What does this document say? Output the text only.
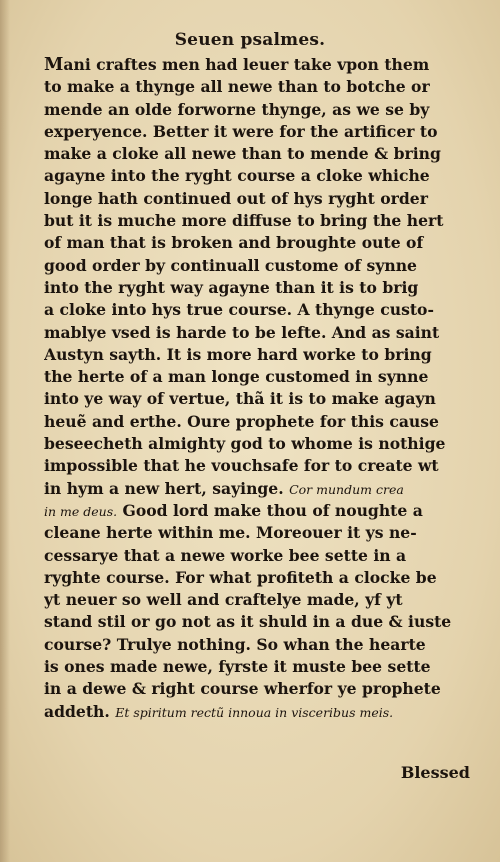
Seuen psalmes.
Mani craftes men had leuer take vpon them
to make a thynge all newe than to botche or
mende an olde forworne thynge, as we se by
experyence. Better it were for the artificer to
make a cloke all newe than to mende & bring
agayne into the ryght course a cloke whiche
longe hath continued out of hys ryght order
but it is muche more diffuse to bring the hert
of man that is broken and broughte oute of
good order by continuall custome of synne
into the ryght way agayne than it is to brig
a cloke into hys true course. A thynge custo-
mablye vsed is harde to be lefte. And as saint
Austyn sayth. It is more hard worke to bring
the herte of a man longe customed in synne
into ye way of vertue, thã it is to make agayn
heuẽ and erthe. Oure prophete for this cause
beseecheth almighty god to whome is nothige
impossible that he vouchsafe for to create wt
in hym a new hert, sayinge. Cor mundum crea
in me deus. Good lord make thou of noughte a
cleane herte within me. Moreouer it ys ne-
cessarye that a newe worke bee sette in a
ryghte course. For what profiteth a clocke be
yt neuer so well and craftelye made, yf yt
stand stil or go not as it shuld in a due & iuste
course? Trulye nothing. So whan the hearte
is ones made newe, fyrste it muste bee sette
in a dewe & right course wherfor ye prophete
addeth. Et spiritum rectũ innoua in visceribus meis.
Blessed
